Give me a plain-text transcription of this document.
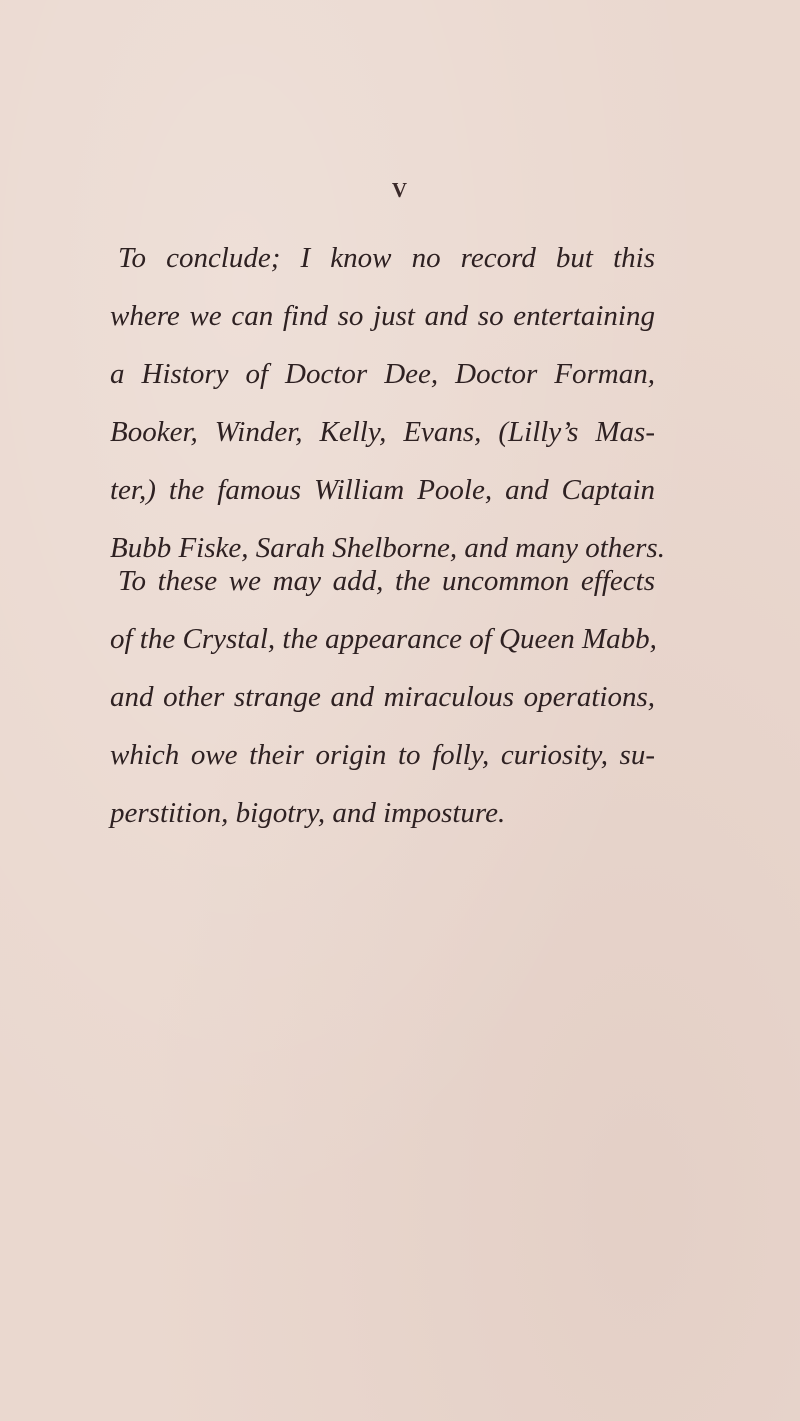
V
To conclude; I know no record but this
where we can find so just and so entertaining
a History of Doctor Dee, Doctor Forman,
Booker, Winder, Kelly, Evans, (Lilly’s Mas-
ter,) the famous William Poole, and Captain
Bubb Fiske, Sarah Shelborne, and many others.
To these we may add, the uncommon effects
of the Crystal, the appearance of Queen Mabb,
and other strange and miraculous operations,
which owe their origin to folly, curiosity, su-
perstition, bigotry, and imposture.
